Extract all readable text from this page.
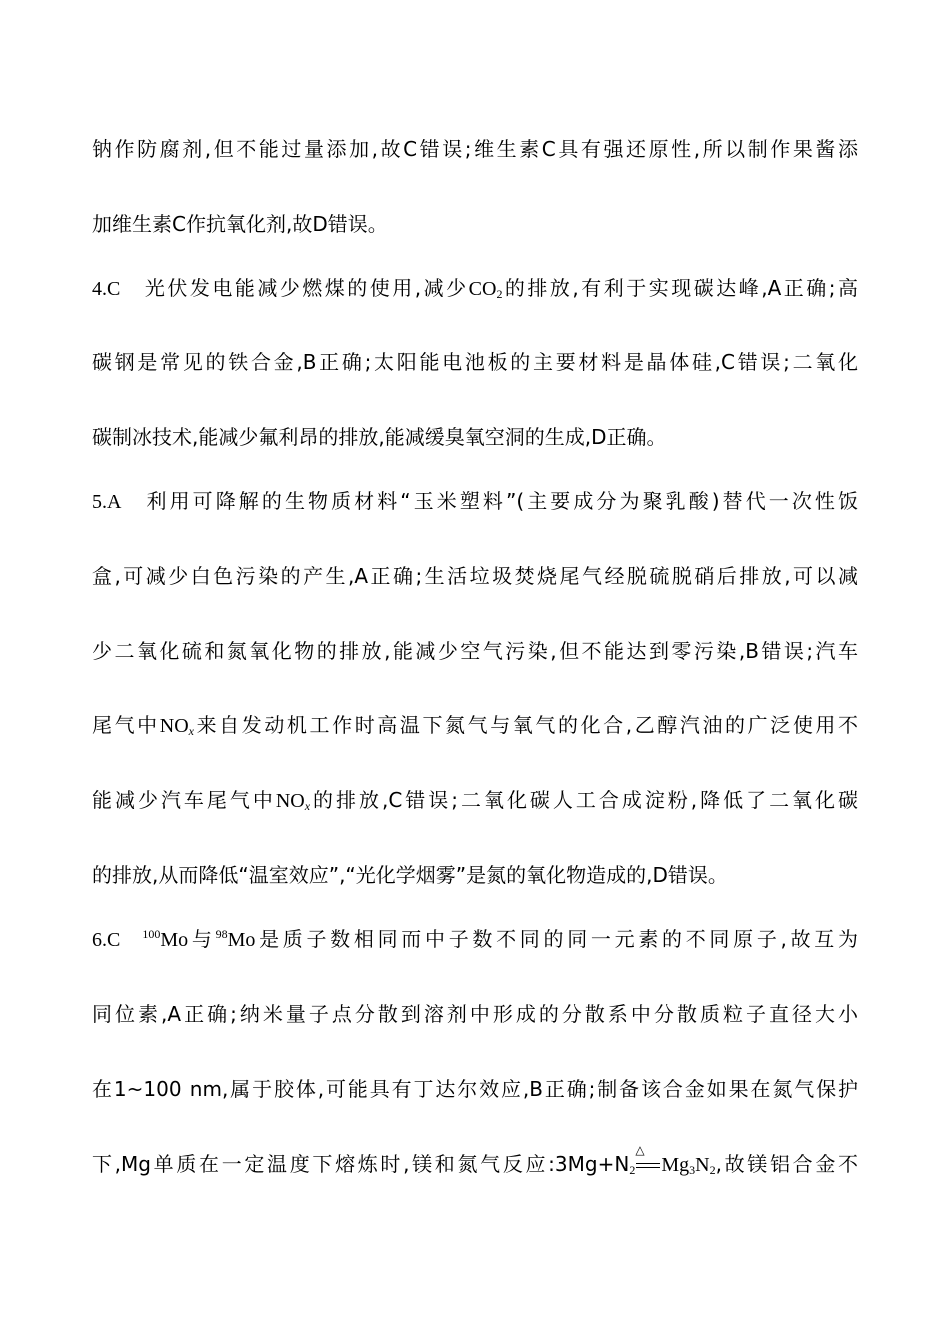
钠作防腐剂,但不能过量添加,故C错误;维生素C具有强还原性,所以制作果酱添
加维生素C作抗氧化剂,故D错误。
4.C 光伏发电能减少燃煤的使用,减少$CO_2$的排放,有利于实现碳达峰,A正确;高
碳钢是常见的铁合金,B正确;太阳能电池板的主要材料是晶体硅,C错误;二氧化
碳制冰技术,能减少氟利昂的排放,能减缓臭氧空洞的生成,D正确。
5.A 利用可降解的生物质材料“玉米塑料”(主要成分为聚乳酸)替代一次性饭
盒,可减少白色污染的产生,A正确;生活垃圾焚烧尾气经脱硫脱硝后排放,可以减
少二氧化硫和氮氧化物的排放,能减少空气污染,但不能达到零污染,B错误;汽车
尾气中$NO_x$来自发动机工作时高温下氮气与氧气的化合,乙醇汽油的广泛使用不
能减少汽车尾气中$NO_x$的排放,C错误;二氧化碳人工合成淀粉,降低了二氧化碳
的排放,从而降低“温室效应”,“光化学烟雾”是氮的氧化物造成的,D错误。
6.C $^{100}$Mo与$^{98}$Mo是质子数相同而中子数不同的同一元素的不同原子,故互为
同位素,A正确;纳米量子点分散到溶剂中形成的分散系中分散质粒子直径大小
在1~100 nm,属于胶体,可能具有丁达尔效应,B正确;制备该合金如果在氮气保护
下,Mg单质在一定温度下熔炼时,镁和氮气反应$:3Mg+N_2$
△
$Mg_3N_2$,故镁铝合金不
